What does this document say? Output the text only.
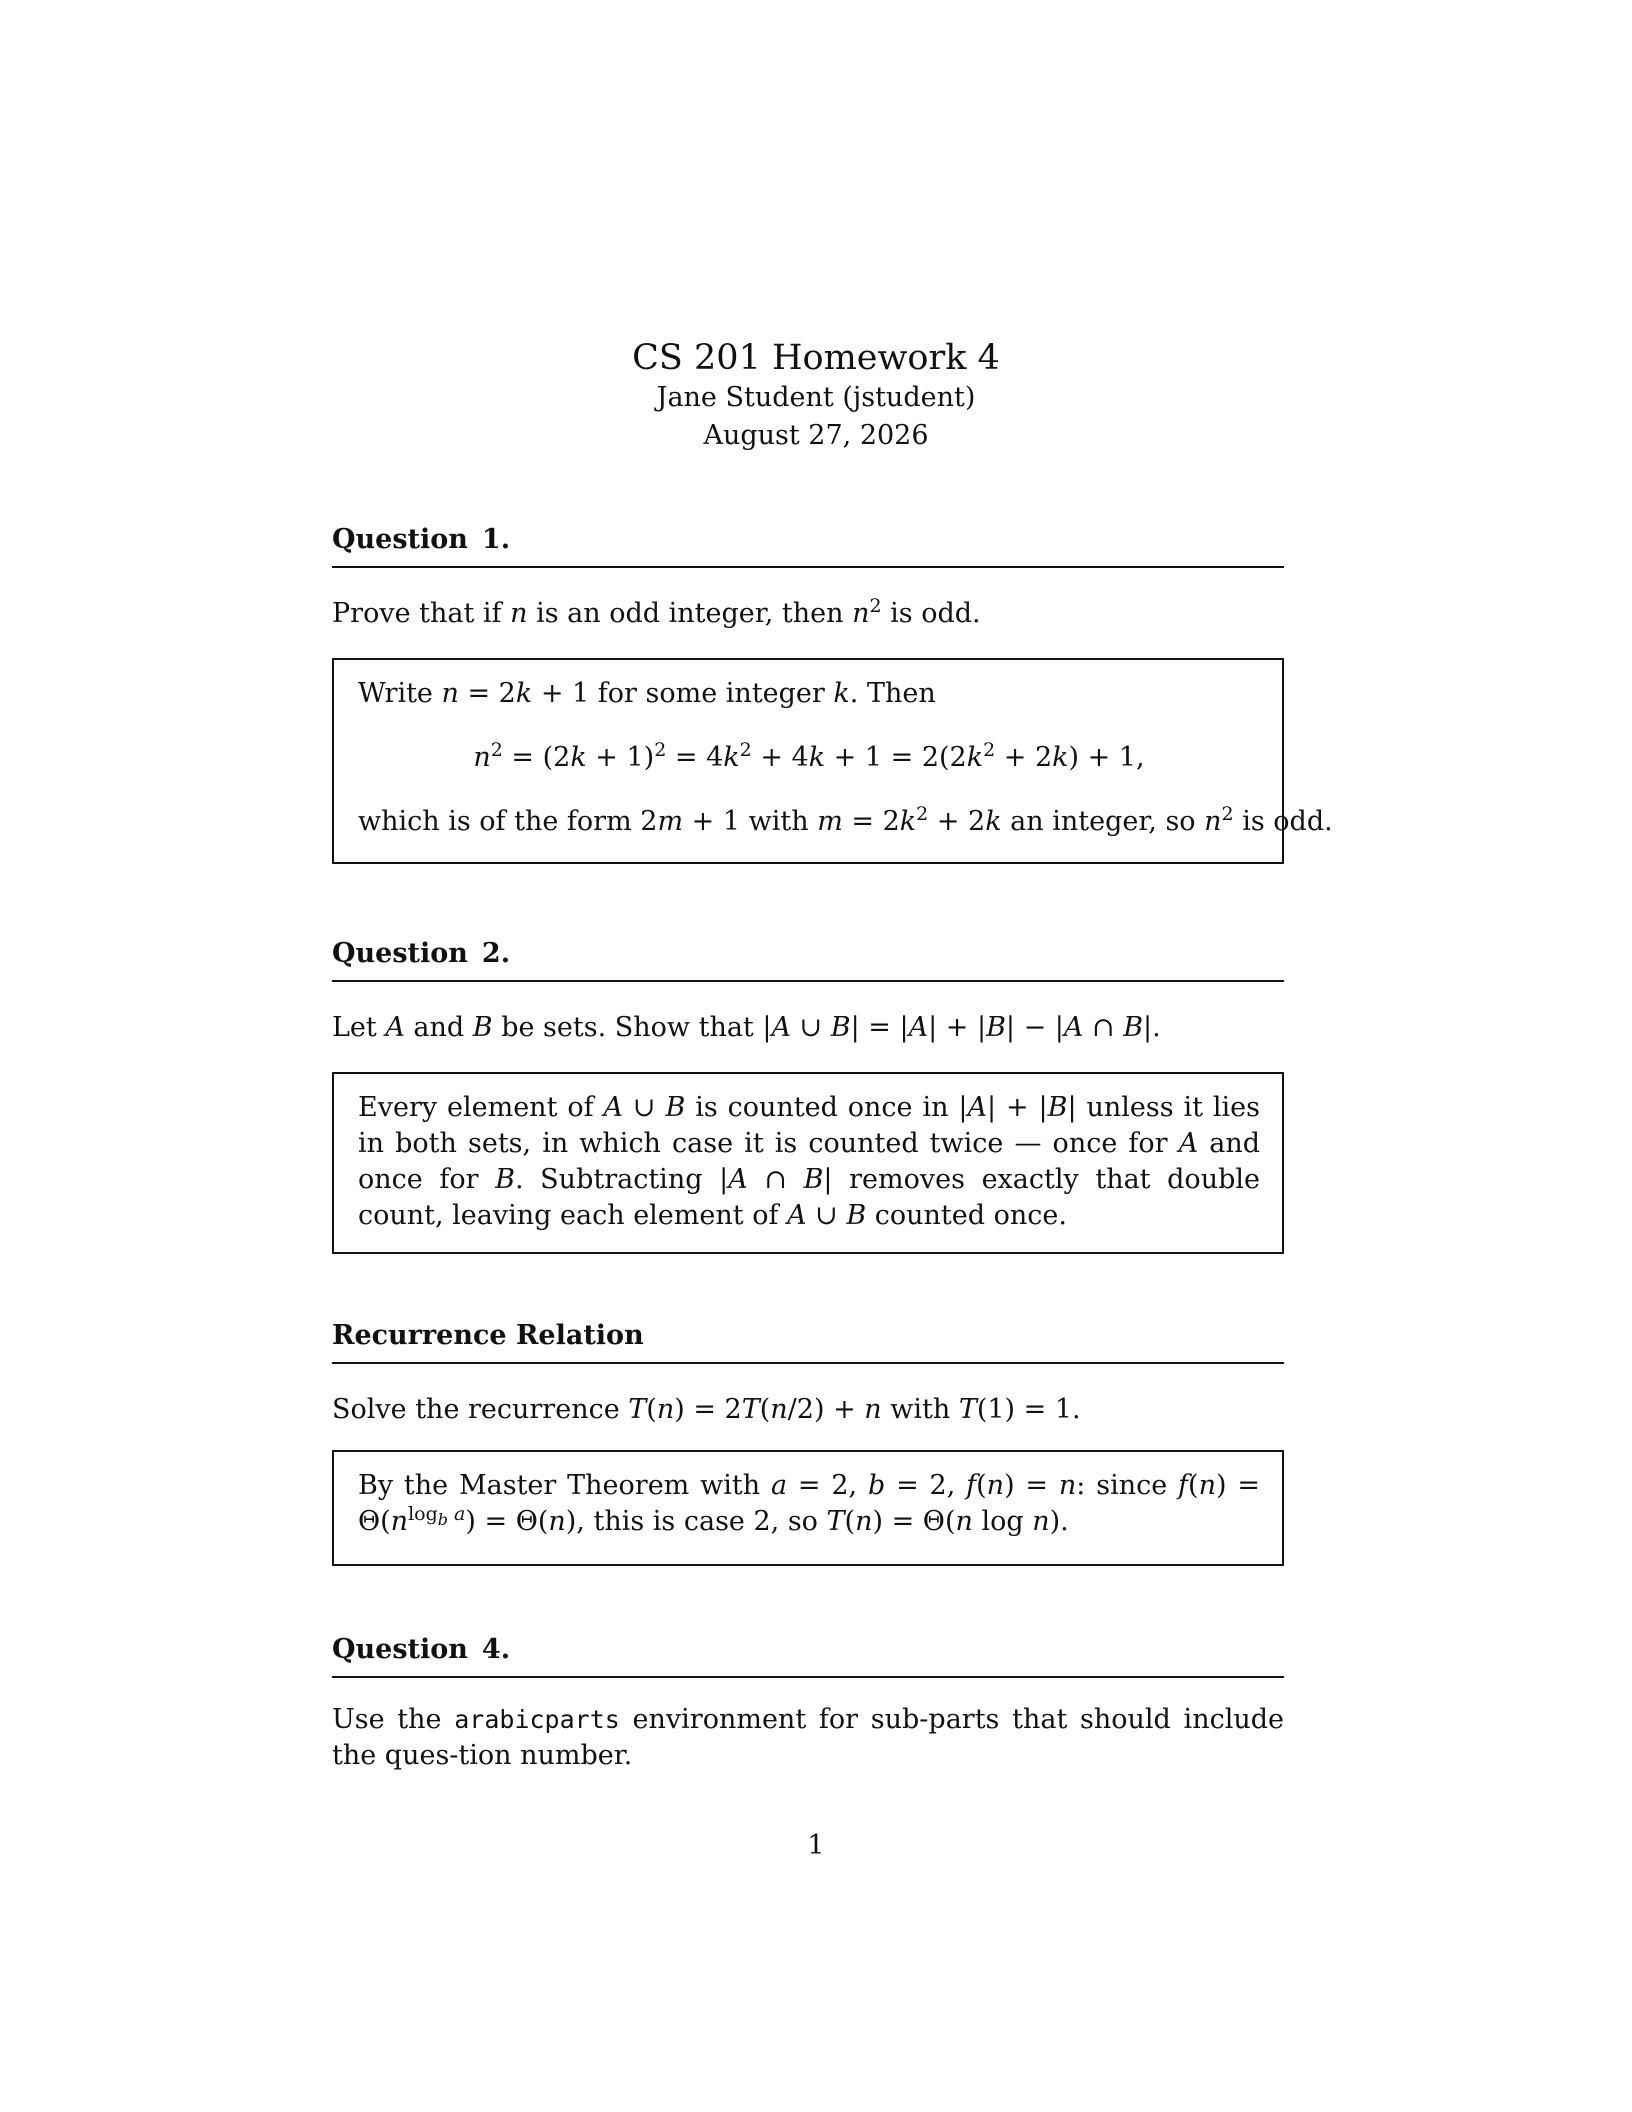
CS 201 Homework 4
Jane Student (jstudent)
August 27, 2026
Question 1.
Prove that if n is an odd integer, then $n^2$ is odd.
Write n = 2k + 1 for some integer k. Then
$n^2 = (2k + 1)^2 = 4k^2 + 4k + 1 = 2(2k^2 + 2k) + 1$,
which is of the form 2m + 1 with $m = 2k^2 + 2k$ an integer, so $n^2$ is odd.
Question 2.
Let A and B be sets. Show that |A ∪ B| = |A| + |B| − |A ∩ B|.
Every element of A ∪ B is counted once in |A| + |B| unless it lies in both sets, in which case it is counted twice — once for A and once for B. Subtracting |A ∩ B| removes exactly that double count, leaving each element of A ∪ B counted once.
Recurrence Relation
Solve the recurrence T(n) = 2T(n/2) + n with T(1) = 1.
By the Master Theorem with a = 2, b = 2, f(n) = n: since $f(n) = \Theta(n^{log_b a}) = \Theta(n)$, this is case 2, so T(n) = Θ(n log n).
Question 4.
Use the arabicparts environment for sub-parts that should include the ques-tion number.
1
